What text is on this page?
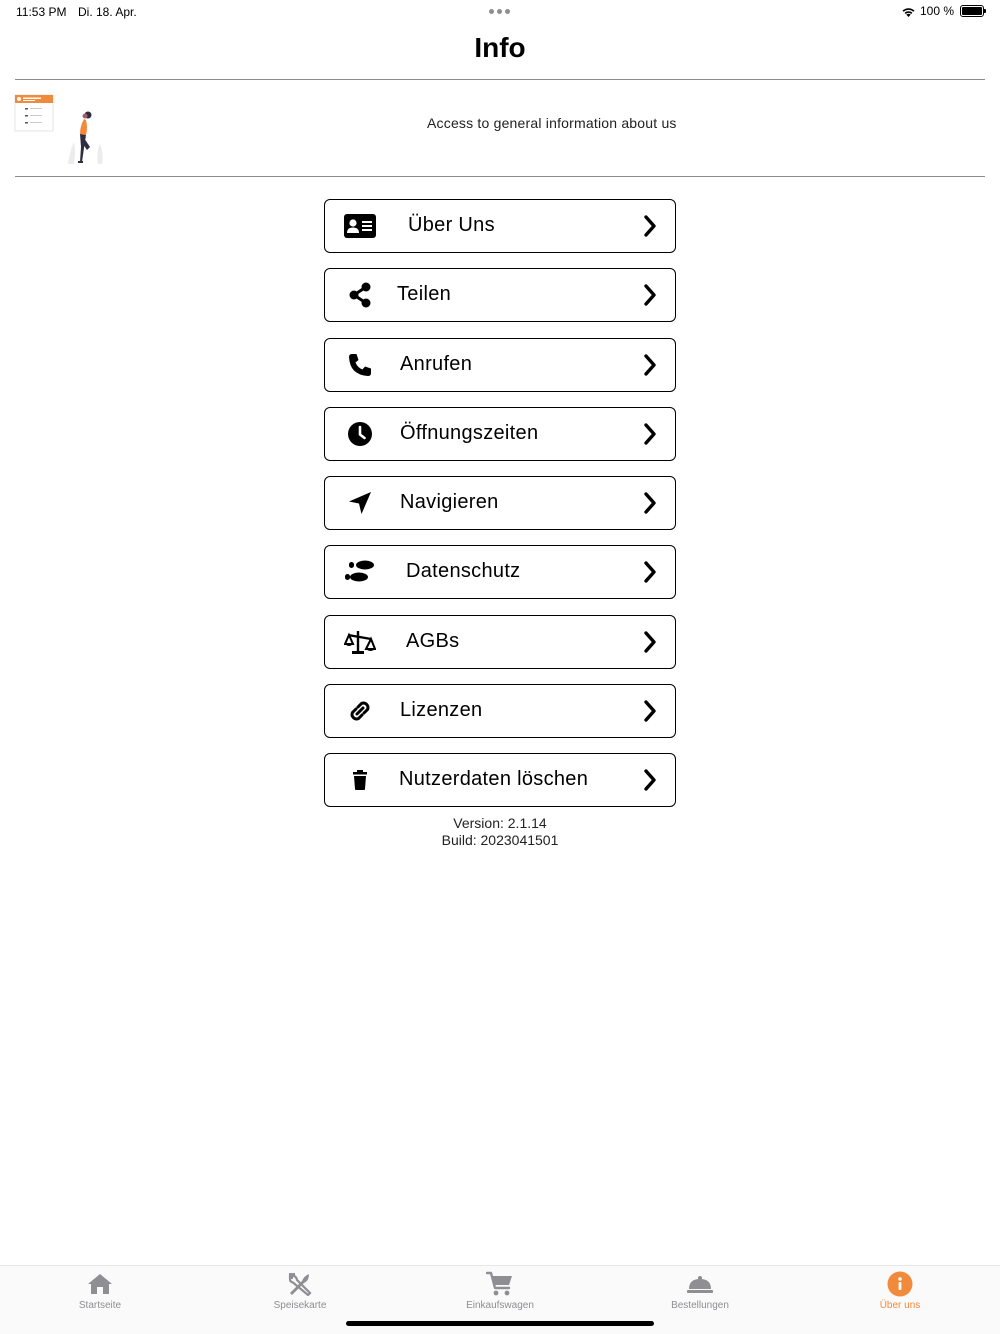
11:53 PM Di. 18. Apr.	100 %
Info
Access to general information about us
Über Uns
Teilen
Anrufen
Öffnungszeiten
Navigieren
Datenschutz
AGBs
Lizenzen
Nutzerdaten löschen
Version: 2.1.14
Build: 2023041501
Startseite	Speisekarte	Einkaufswagen	Bestellungen	Über uns
